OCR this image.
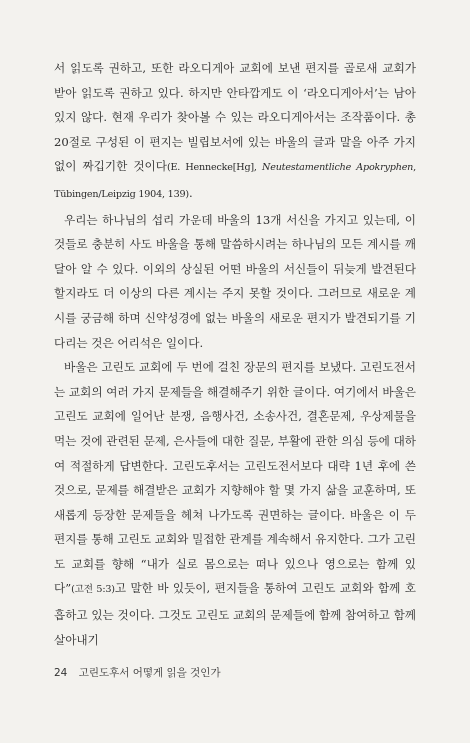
서 읽도록 권하고, 또한 라오디게아 교회에 보낸 편지를 골로새 교회가 받아 읽도록 권하고 있다. 하지만 안타깝게도 이 ‘라오디게아서’는 남아있지 않다. 현재 우리가 찾아볼 수 있는 라오디게아서는 조작품이다. 총 20절로 구성된 이 편지는 빌립보서에 있는 바울의 글과 말을 아주 가지 없이 짜깁기한 것이다(E. Hennecke[Hg], Neutestamentliche Apokryphen, Tübingen/Leipzig 1904, 139).

우리는 하나님의 섭리 가운데 바울의 13개 서신을 가지고 있는데, 이것들로 충분히 사도 바울을 통해 말씀하시려는 하나님의 모든 계시를 깨달아 알 수 있다. 이외의 상실된 어떤 바울의 서신들이 뒤늦게 발견된다 할지라도 더 이상의 다른 계시는 주지 못할 것이다. 그러므로 새로운 계시를 궁금해 하며 신약성경에 없는 바울의 새로운 편지가 발견되기를 기다리는 것은 어리석은 일이다.

바울은 고린도 교회에 두 번에 걸친 장문의 편지를 보냈다. 고린도전서는 교회의 여러 가지 문제들을 해결해주기 위한 글이다. 여기에서 바울은 고린도 교회에 일어난 분쟁, 음행사건, 소송사건, 결혼문제, 우상제물을 먹는 것에 관련된 문제, 은사들에 대한 질문, 부활에 관한 의심 등에 대하여 적절하게 답변한다. 고린도후서는 고린도전서보다 대략 1년 후에 쓴 것으로, 문제를 해결받은 교회가 지향해야 할 몇 가지 삶을 교훈하며, 또 새롭게 등장한 문제들을 헤쳐 나가도록 권면하는 글이다. 바울은 이 두 편지를 통해 고린도 교회와 밀접한 관계를 계속해서 유지한다. 그가 고린도 교회를 향해 “내가 실로 몸으로는 떠나 있으나 영으로는 함께 있다”(고전 5:3)고 말한 바 있듯이, 편지들을 통하여 고린도 교회와 함께 호흡하고 있는 것이다. 그것도 고린도 교회의 문제들에 함께 참여하고 함께 살아내기

24 고린도후서 어떻게 읽을 것인가
